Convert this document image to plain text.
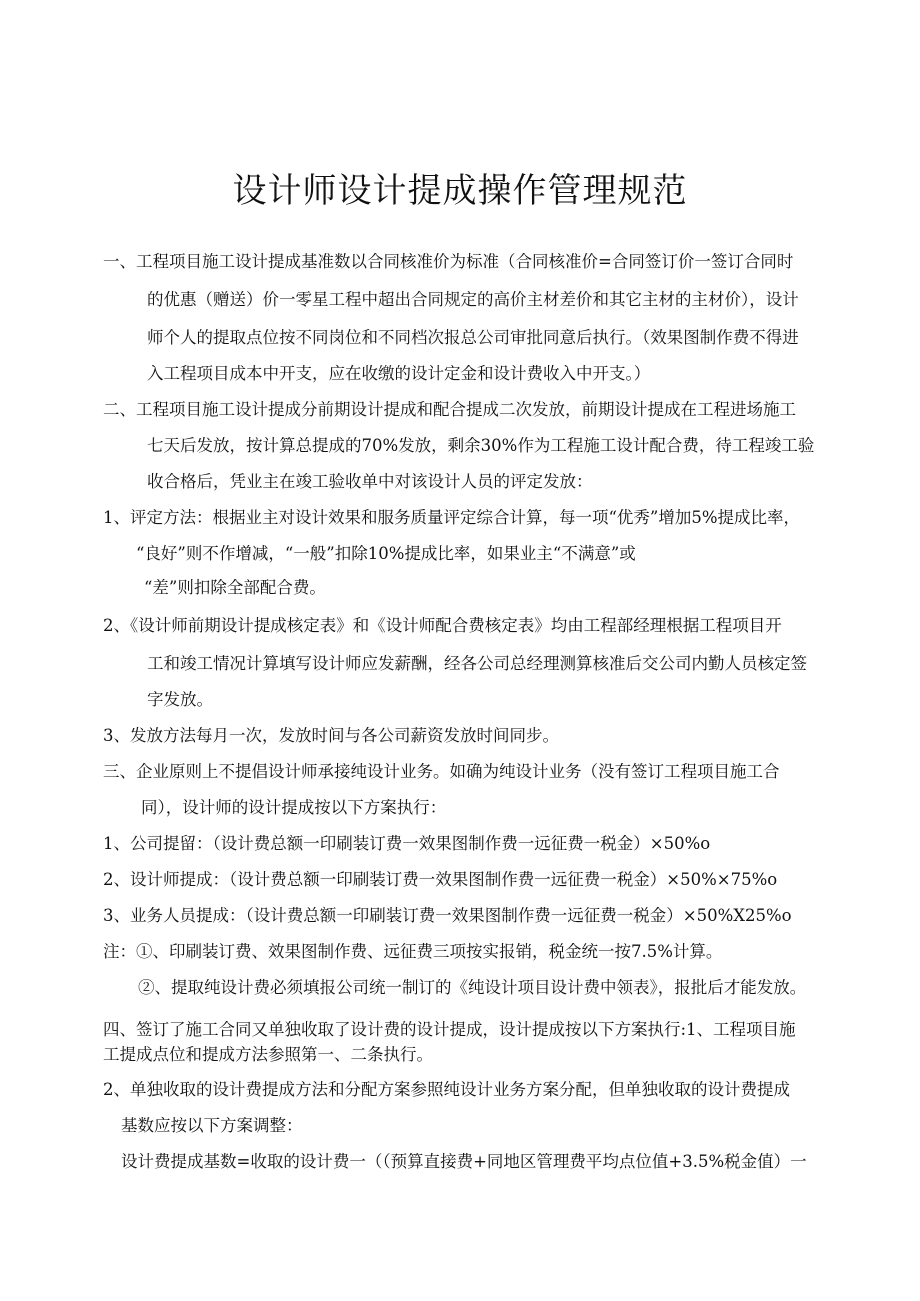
设计师设计提成操作管理规范
一、工程项目施工设计提成基准数以合同核准价为标准（合同核准价=合同签订价一签订合同时
的优惠（赠送）价一零星工程中超出合同规定的高价主材差价和其它主材的主材价），设计
师个人的提取点位按不同岗位和不同档次报总公司审批同意后执行。（效果图制作费不得进
入工程项目成本中开支，应在收缴的设计定金和设计费收入中开支。）
二、工程项目施工设计提成分前期设计提成和配合提成二次发放，前期设计提成在工程进场施工
七天后发放，按计算总提成的70%发放，剩余30%作为工程施工设计配合费，待工程竣工验
收合格后，凭业主在竣工验收单中对该设计人员的评定发放：
1、评定方法：根据业主对设计效果和服务质量评定综合计算，每一项“优秀”增加5%提成比率，
“良好”则不作增减，“一般”扣除10%提成比率，如果业主“不满意”或
“差”则扣除全部配合费。
2、《设计师前期设计提成核定表》和《设计师配合费核定表》均由工程部经理根据工程项目开
工和竣工情况计算填写设计师应发薪酬，经各公司总经理测算核准后交公司内勤人员核定签
字发放。
3、发放方法每月一次，发放时间与各公司薪资发放时间同步。
三、企业原则上不提倡设计师承接纯设计业务。如确为纯设计业务（没有签订工程项目施工合
同），设计师的设计提成按以下方案执行：
1、公司提留：（设计费总额一印刷装订费一效果图制作费一远征费一税金）×50%o
2、设计师提成：（设计费总额一印刷装订费一效果图制作费一远征费一税金）×50%×75%o
3、业务人员提成：（设计费总额一印刷装订费一效果图制作费一远征费一税金）×50%X25%o
注：①、印刷装订费、效果图制作费、远征费三项按实报销，税金统一按7.5%计算。
②、提取纯设计费必须填报公司统一制订的《纯设计项目设计费中领表》，报批后才能发放。
四、签订了施工合同又单独收取了设计费的设计提成，设计提成按以下方案执行:1、工程项目施
工提成点位和提成方法参照第一、二条执行。
2、单独收取的设计费提成方法和分配方案参照纯设计业务方案分配，但单独收取的设计费提成
基数应按以下方案调整：
设计费提成基数=收取的设计费一（（预算直接费+同地区管理费平均点位值+3.5%税金值）一
